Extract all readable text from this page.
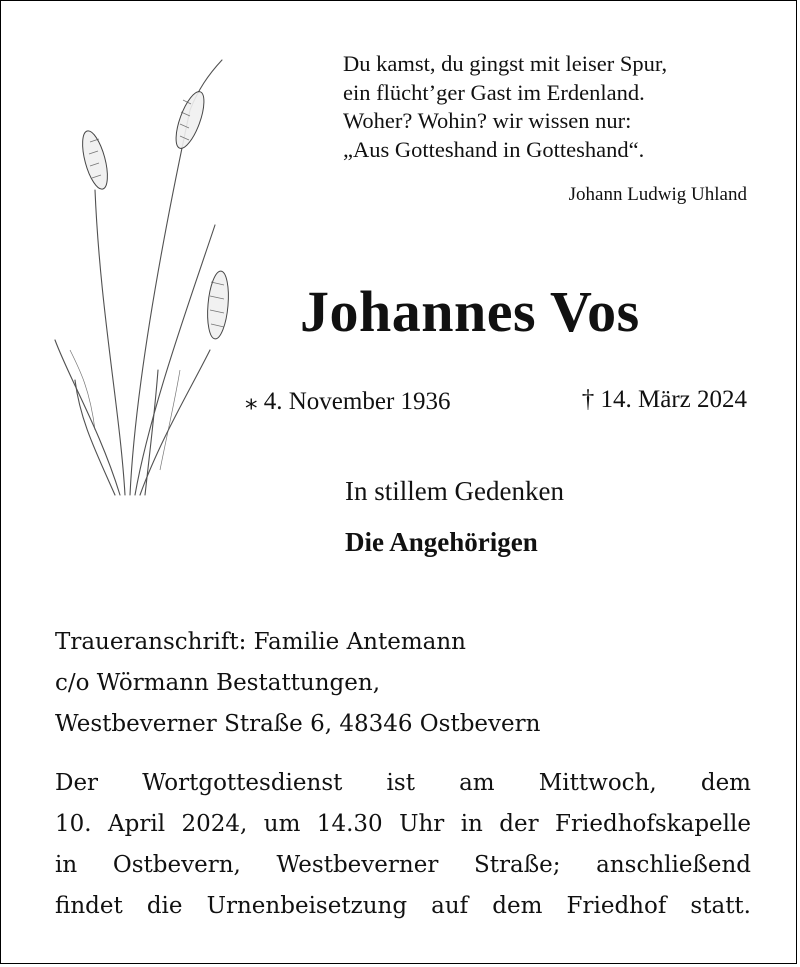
Du kamst, du gingst mit leiser Spur,
ein flücht’ger Gast im Erdenland.
Woher? Wohin? wir wissen nur:
„Aus Gotteshand in Gotteshand“.
Johann Ludwig Uhland
Johannes Vos
⁎ 4. November 1936	† 14. März 2024
In stillem Gedenken
Die Angehörigen
Traueranschrift: Familie Antemann
c/o Wörmann Bestattungen,
Westbeverner Straße 6, 48346 Ostbevern
Der Wortgottesdienst ist am Mittwoch, dem
10. April 2024, um 14.30 Uhr in der Friedhofskapelle
in Ostbevern, Westbeverner Straße; anschließend
findet die Urnenbeisetzung auf dem Friedhof statt.
